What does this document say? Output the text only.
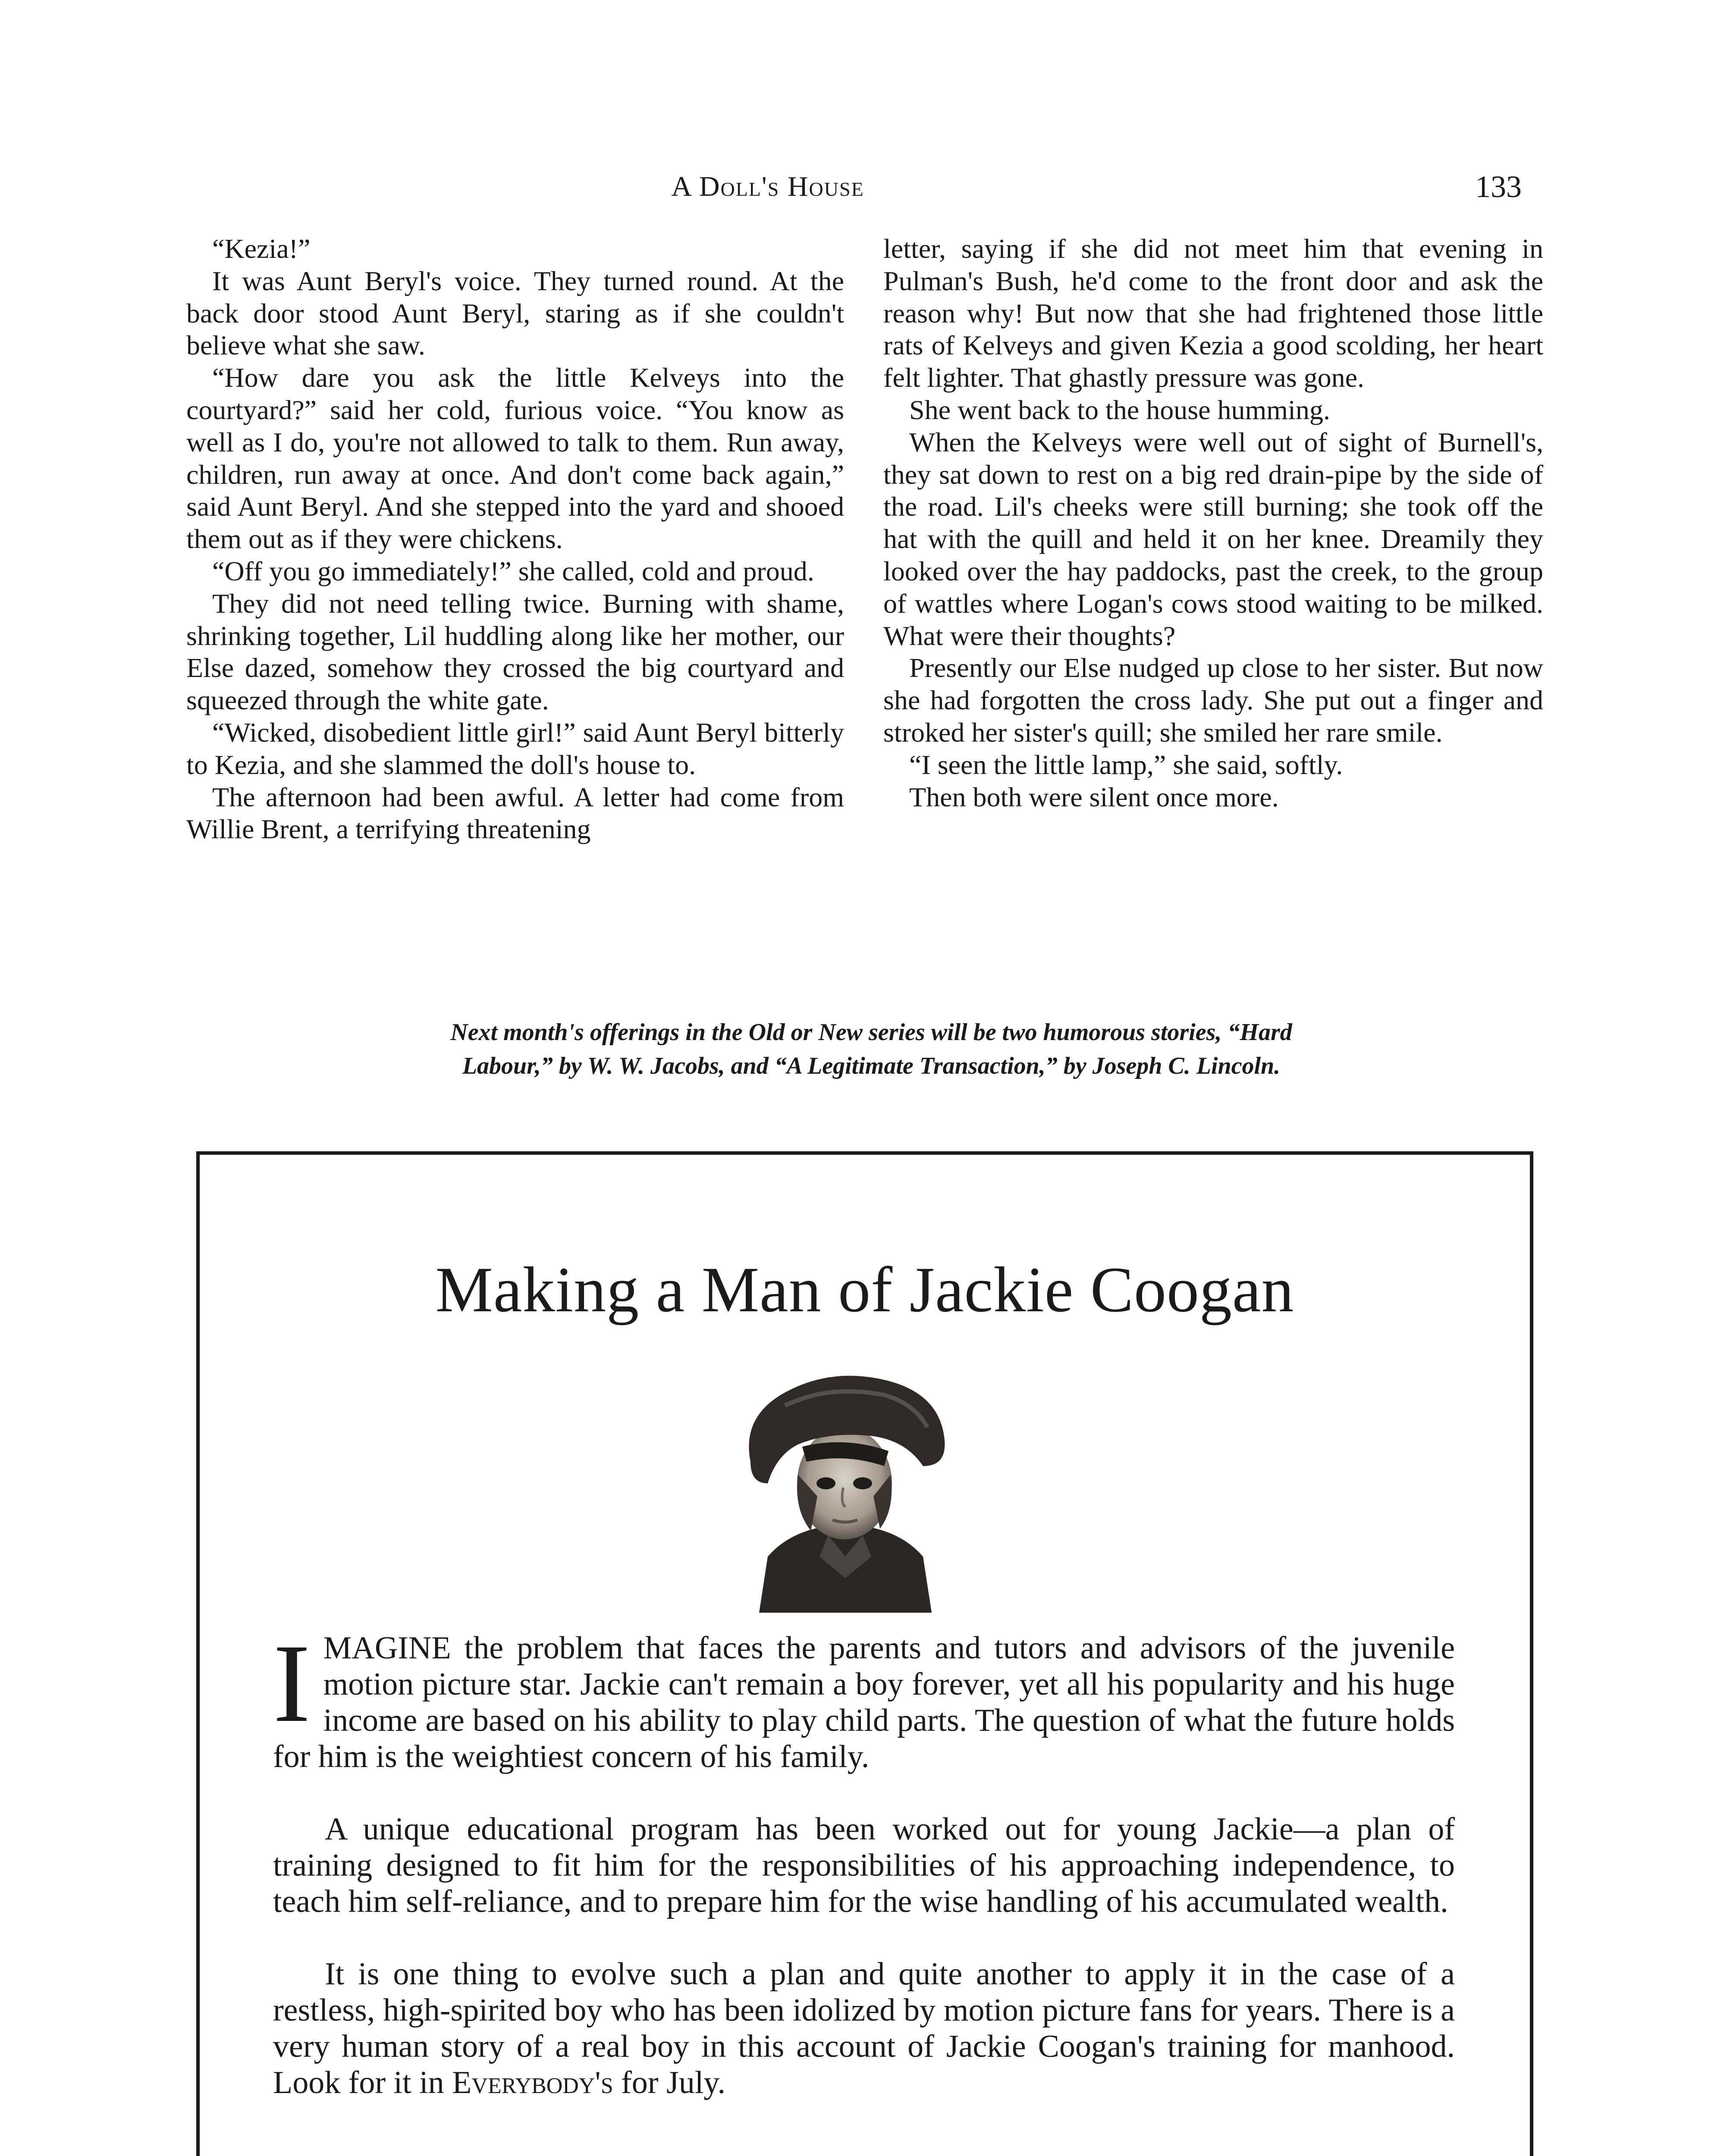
A Doll's House	133

“Kezia!”

It was Aunt Beryl's voice. They turned round. At the back door stood Aunt Beryl, staring as if she couldn't believe what she saw.

“How dare you ask the little Kelveys into the courtyard?” said her cold, furious voice. “You know as well as I do, you're not allowed to talk to them. Run away, children, run away at once. And don't come back again,” said Aunt Beryl. And she stepped into the yard and shooed them out as if they were chickens.

“Off you go immediately!” she called, cold and proud.

They did not need telling twice. Burning with shame, shrinking together, Lil huddling along like her mother, our Else dazed, somehow they crossed the big courtyard and squeezed through the white gate.

“Wicked, disobedient little girl!” said Aunt Beryl bitterly to Kezia, and she slammed the doll's house to.

The afternoon had been awful. A letter had come from Willie Brent, a terrifying threatening

letter, saying if she did not meet him that evening in Pulman's Bush, he'd come to the front door and ask the reason why! But now that she had frightened those little rats of Kelveys and given Kezia a good scolding, her heart felt lighter. That ghastly pressure was gone.

She went back to the house humming.

When the Kelveys were well out of sight of Burnell's, they sat down to rest on a big red drain-pipe by the side of the road. Lil's cheeks were still burning; she took off the hat with the quill and held it on her knee. Dreamily they looked over the hay paddocks, past the creek, to the group of wattles where Logan's cows stood waiting to be milked. What were their thoughts?

Presently our Else nudged up close to her sister. But now she had forgotten the cross lady. She put out a finger and stroked her sister's quill; she smiled her rare smile.

“I seen the little lamp,” she said, softly.

Then both were silent once more.

Next month's offerings in the Old or New series will be two humorous stories, “Hard
Labour,” by W. W. Jacobs, and “A Legitimate Transaction,” by Joseph C. Lincoln.
Making a Man of Jackie Coogan

IMAGINE the problem that faces the parents and tutors and advisors of the juvenile motion picture star. Jackie can't remain a boy forever, yet all his popularity and his huge income are based on his ability to play child parts. The question of what the future holds for him is the weightiest concern of his family.

A unique educational program has been worked out for young Jackie—a plan of training designed to fit him for the responsibilities of his approaching independence, to teach him self-reliance, and to prepare him for the wise handling of his accumulated wealth.

It is one thing to evolve such a plan and quite another to apply it in the case of a restless, high-spirited boy who has been idolized by motion picture fans for years. There is a very human story of a real boy in this account of Jackie Coogan's training for manhood. Look for it in Everybody's for July.
